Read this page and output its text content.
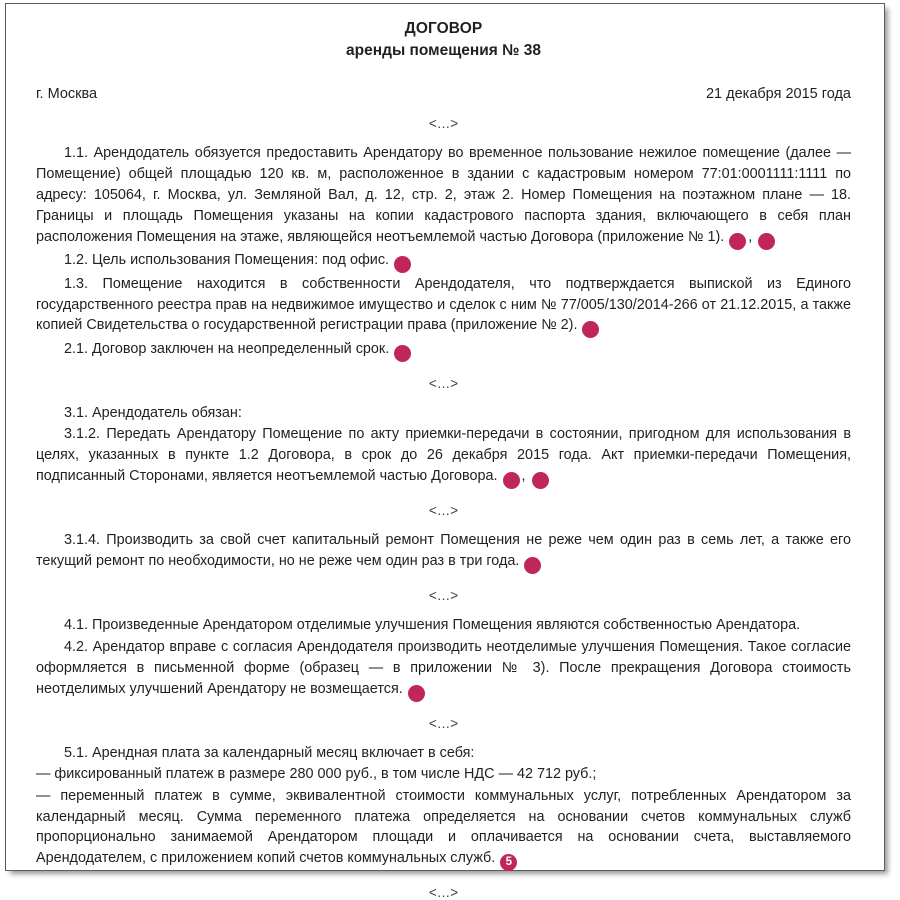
ДОГОВОР
аренды помещения № 38
г. Москва	21 декабря 2015 года
<…>

1.1. Арендодатель обязуется предоставить Арендатору во временное пользование нежилое помещение (далее — Помещение) общей площадью 120 кв. м, расположенное в здании с кадастровым номером 77:01:0001111:1111 по адресу: 105064, г. Москва, ул. Земляной Вал, д. 12, стр. 2, этаж 2. Номер Помещения на поэтажном плане — 18. Границы и площадь Помещения указаны на копии кадастрового паспорта здания, включающего в себя план расположения Помещения на этаже, являющейся неотъемлемой частью Договора (приложение № 1). ,	6

1.2. Цель использования Помещения: под офис.	7

1.3. Помещение находится в собственности Арендодателя, что подтверждается выпиской из Единого государственного реестра прав на недвижимое имущество и сделок с ним № 77/005/130/2014-266 от 21.12.2015, а также копией Свидетельства о государственной регистрации права (приложение № 2).	1

2.1. Договор заключен на неопределенный срок.	2

<…>

3.1. Арендодатель обязан:

3.1.2. Передать Арендатору Помещение по акту приемки-передачи в состоянии, пригодном для использования в целях, указанных в пункте 1.2 Договора, в срок до 26 декабря 2015 года. Акт приемки-передачи Помещения, подписанный Сторонами, является неотъемлемой частью Договора. ,	7

<…>

3.1.4. Производить за свой счет капитальный ремонт Помещения не реже чем один раз в семь лет, а также его текущий ремонт по необходимости, но не реже чем один раз в три года.	3

<…>

4.1. Произведенные Арендатором отделимые улучшения Помещения являются собственностью Арендатора.

4.2. Арендатор вправе с согласия Арендодателя производить неотделимые улучшения Помещения. Такое согласие оформляется в письменной форме (образец — в приложении № 3). После прекращения Договора стоимость неотделимых улучшений Арендатору не возмещается.	4

<…>

5.1. Арендная плата за календарный месяц включает в себя:

— фиксированный платеж в размере 280 000 руб., в том числе НДС — 42 712 руб.;

— переменный платеж в сумме, эквивалентной стоимости коммунальных услуг, потребленных Арендатором за календарный месяц. Сумма переменного платежа определяется на основании счетов коммунальных служб пропорционально занимаемой Арендатором площади и оплачивается на основании счета, выставляемого Арендодателем, с приложением копий счетов коммунальных служб. 5

<…>
